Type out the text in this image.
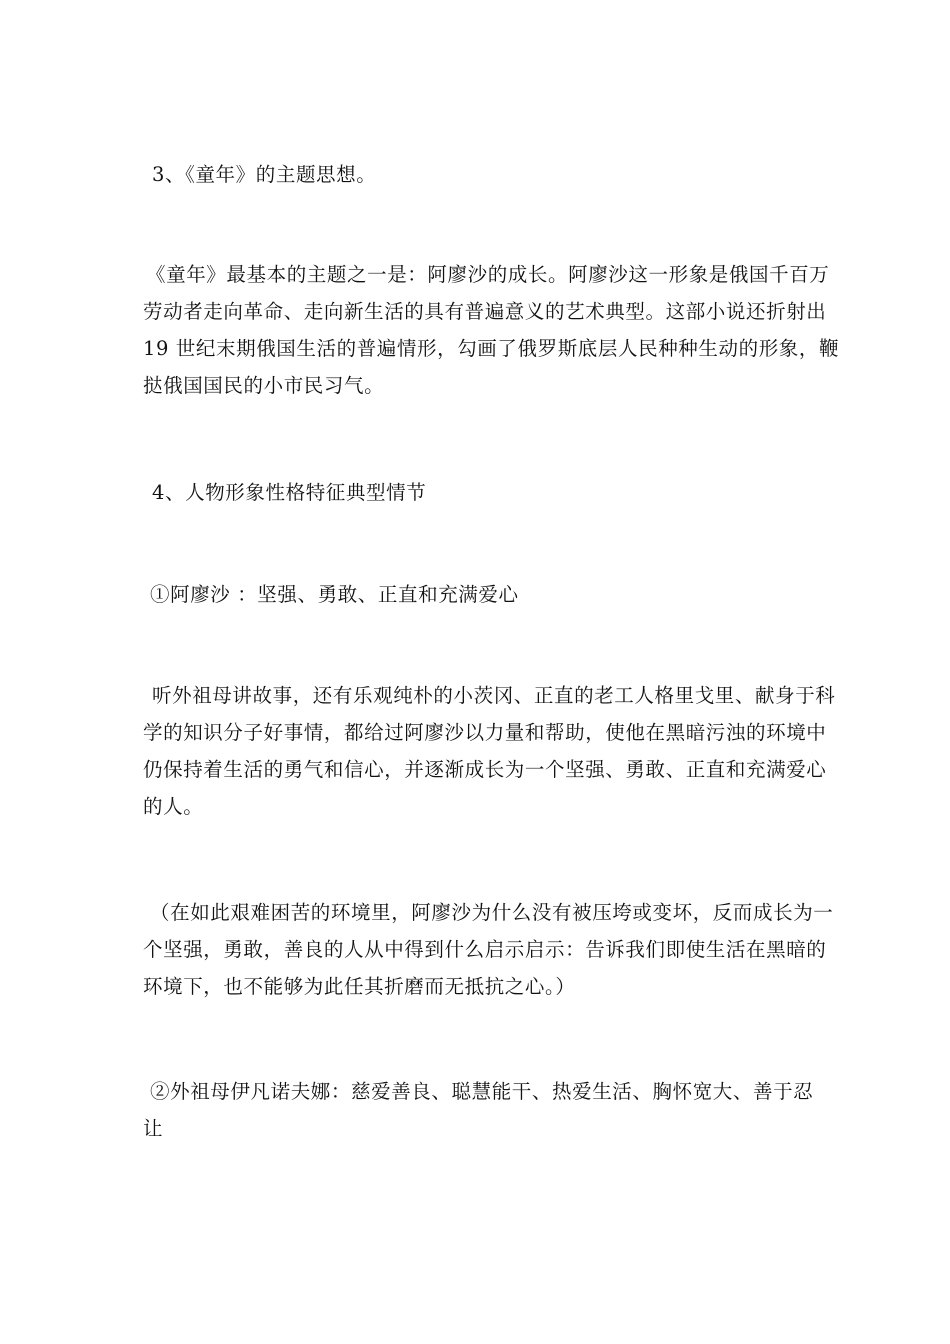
3、《童年》的主题思想。
《童年》最基本的主题之一是：阿廖沙的成长。阿廖沙这一形象是俄国千百万
劳动者走向革命、走向新生活的具有普遍意义的艺术典型。这部小说还折射出
19 世纪末期俄国生活的普遍情形，勾画了俄罗斯底层人民种种生动的形象，鞭
挞俄国国民的小市民习气。
4、人物形象性格特征典型情节
①阿廖沙 ：坚强、勇敢、正直和充满爱心
听外祖母讲故事，还有乐观纯朴的小茨冈、正直的老工人格里戈里、献身于科
学的知识分子好事情，都给过阿廖沙以力量和帮助，使他在黑暗污浊的环境中
仍保持着生活的勇气和信心，并逐渐成长为一个坚强、勇敢、正直和充满爱心
的人。
（在如此艰难困苦的环境里，阿廖沙为什么没有被压垮或变坏，反而成长为一
个坚强，勇敢，善良的人从中得到什么启示启示：告诉我们即使生活在黑暗的
环境下，也不能够为此任其折磨而无抵抗之心。）
②外祖母伊凡诺夫娜：慈爱善良、聪慧能干、热爱生活、胸怀宽大、善于忍
让
